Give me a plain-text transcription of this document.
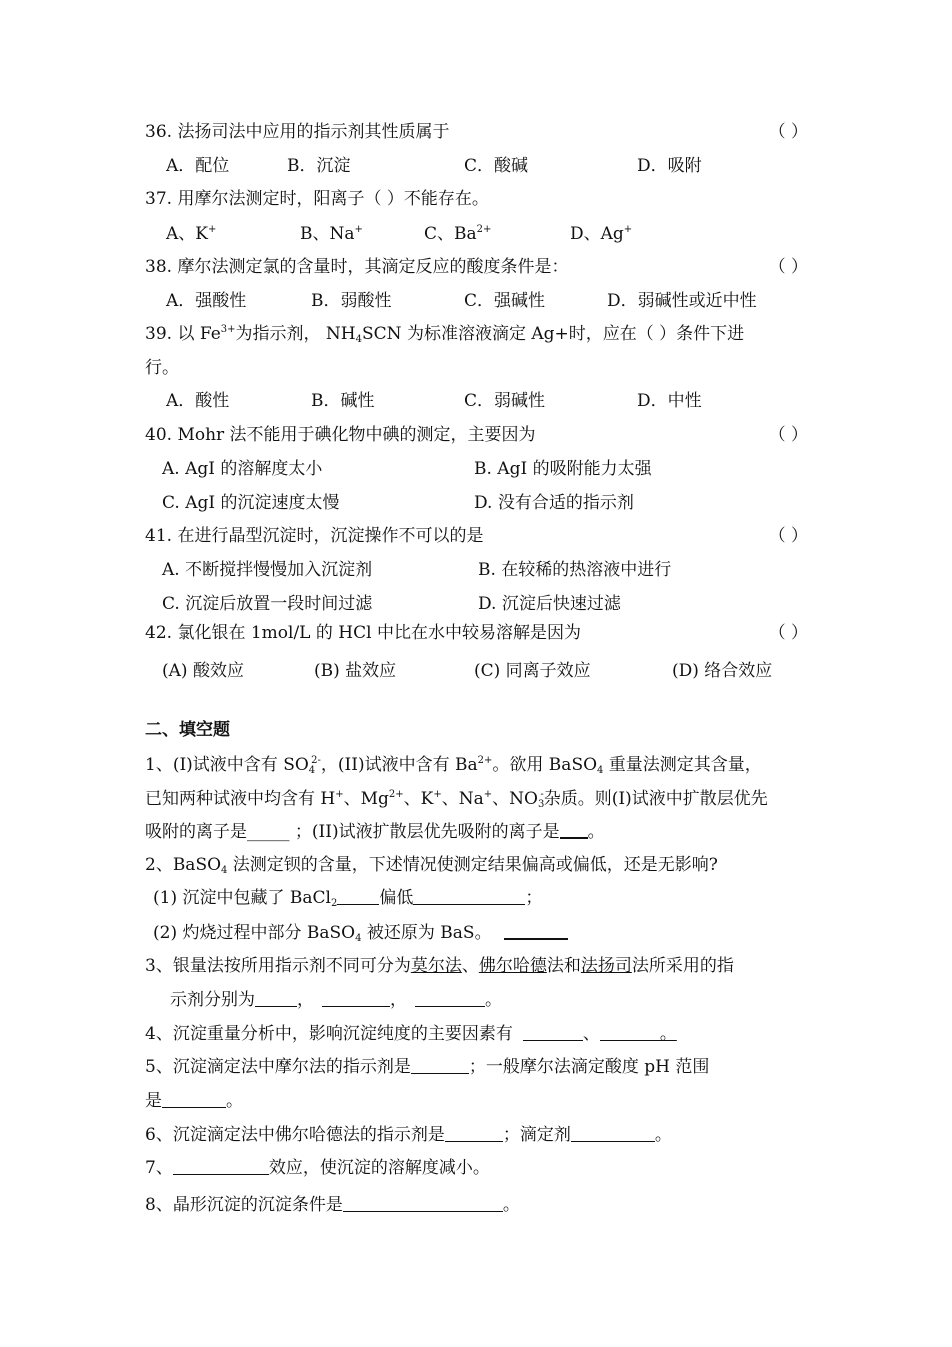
36. 法扬司法中应用的指示剂其性质属于	（ ）
A．配位	B．沉淀	C．酸碱	D．吸附
37. 用摩尔法测定时，阳离子（ ）不能存在。
A、K+	B、Na+	C、$Ba^{2+}$	D、Ag+
38. 摩尔法测定氯的含量时，其滴定反应的酸度条件是：	（ ）
A．强酸性	B．弱酸性	C．强碱性	D．弱碱性或近中性
39. 以 $Fe^{3+}$为指示剂， $NH_4SCN$ 为标准溶液滴定 Ag+时，应在（ ）条件下进
行。
A．酸性	B．碱性	C．弱碱性	D．中性
40. Mohr 法不能用于碘化物中碘的测定，主要因为	（ ）
A. AgI 的溶解度太小	B. AgI 的吸附能力太强
C. AgI 的沉淀速度太慢	D. 没有合适的指示剂
41. 在进行晶型沉淀时，沉淀操作不可以的是	（ ）
A. 不断搅拌慢慢加入沉淀剂	B. 在较稀的热溶液中进行
C. 沉淀后放置一段时间过滤	D. 沉淀后快速过滤
42. 氯化银在 1mol/L 的 HCl 中比在水中较易溶解是因为	（ ）
(A) 酸效应	(B) 盐效应	(C) 同离子效应	(D) 络合效应
二、填空题
1、(I)试液中含有 $SO_4^{2-}$，(II)试液中含有 $Ba^{2+}$。欲用 BaSO$_4$ 重量法测定其含量，
已知两种试液中均含有 H+、$Mg^{2+}$、K+、Na+、$NO_3^-$杂质。则(I)试液中扩散层优先
吸附的离子是_____ ；(II)试液扩散层优先吸附的离子是 。
2、BaSO$_4$ 法测定钡的含量，下述情况使测定结果偏高或偏低，还是无影响?
(1) 沉淀中包藏了 BaCl$_2$ 偏低	；
(2) 灼烧过程中部分 BaSO$_4$ 被还原为 BaS。
3、银量法按所用指示剂不同可分为莫尔法、佛尔哈德法和法扬司法所采用的指
示剂分别为 ，	，	。
4、沉淀重量分析中，影响沉淀纯度的主要因素有	、	。
5、沉淀滴定法中摩尔法的指示剂是	；一般摩尔法滴定酸度 pH 范围
是	。
6、沉淀滴定法中佛尔哈德法的指示剂是	；滴定剂	。
7、	效应，使沉淀的溶解度减小。
8、晶形沉淀的沉淀条件是	。
